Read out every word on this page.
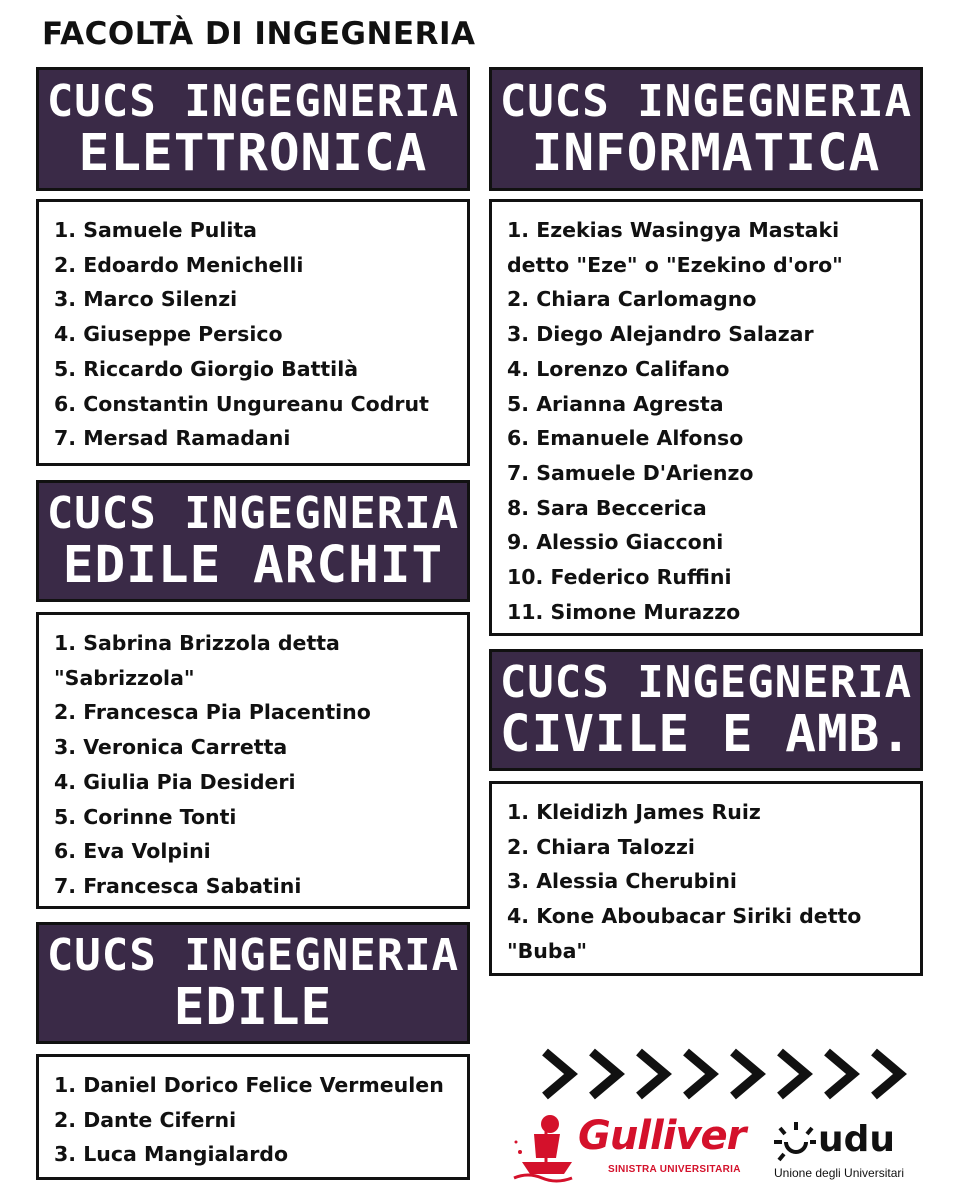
FACOLTÀ DI INGEGNERIA
CUCS INGEGNERIA
ELETTRONICA
1. Samuele Pulita
2. Edoardo Menichelli
3. Marco Silenzi
4. Giuseppe Persico
5. Riccardo Giorgio Battilà
6. Constantin Ungureanu Codrut
7. Mersad Ramadani
CUCS INGEGNERIA
INFORMATICA
1. Ezekias Wasingya Mastaki
detto "Eze" o "Ezekino d'oro"
2. Chiara Carlomagno
3. Diego Alejandro Salazar
4. Lorenzo Califano
5. Arianna Agresta
6. Emanuele Alfonso
7. Samuele D'Arienzo
8. Sara Beccerica
9. Alessio Giacconi
10. Federico Ruffini
11. Simone Murazzo
CUCS INGEGNERIA
EDILE ARCHIT
1. Sabrina Brizzola detta
"Sabrizzola"
2. Francesca Pia Placentino
3. Veronica Carretta
4. Giulia Pia Desideri
5. Corinne Tonti
6. Eva Volpini
7. Francesca Sabatini
CUCS INGEGNERIA
CIVILE E AMB.
1. Kleidizh James Ruiz
2. Chiara Talozzi
3. Alessia Cherubini
4. Kone Aboubacar Siriki detto
"Buba"
CUCS INGEGNERIA
EDILE
1. Daniel Dorico Felice Vermeulen
2. Dante Ciferni
3. Luca Mangialardo	Gulliver
SINISTRA UNIVERSITARIA
udu
Unione degli Universitari
